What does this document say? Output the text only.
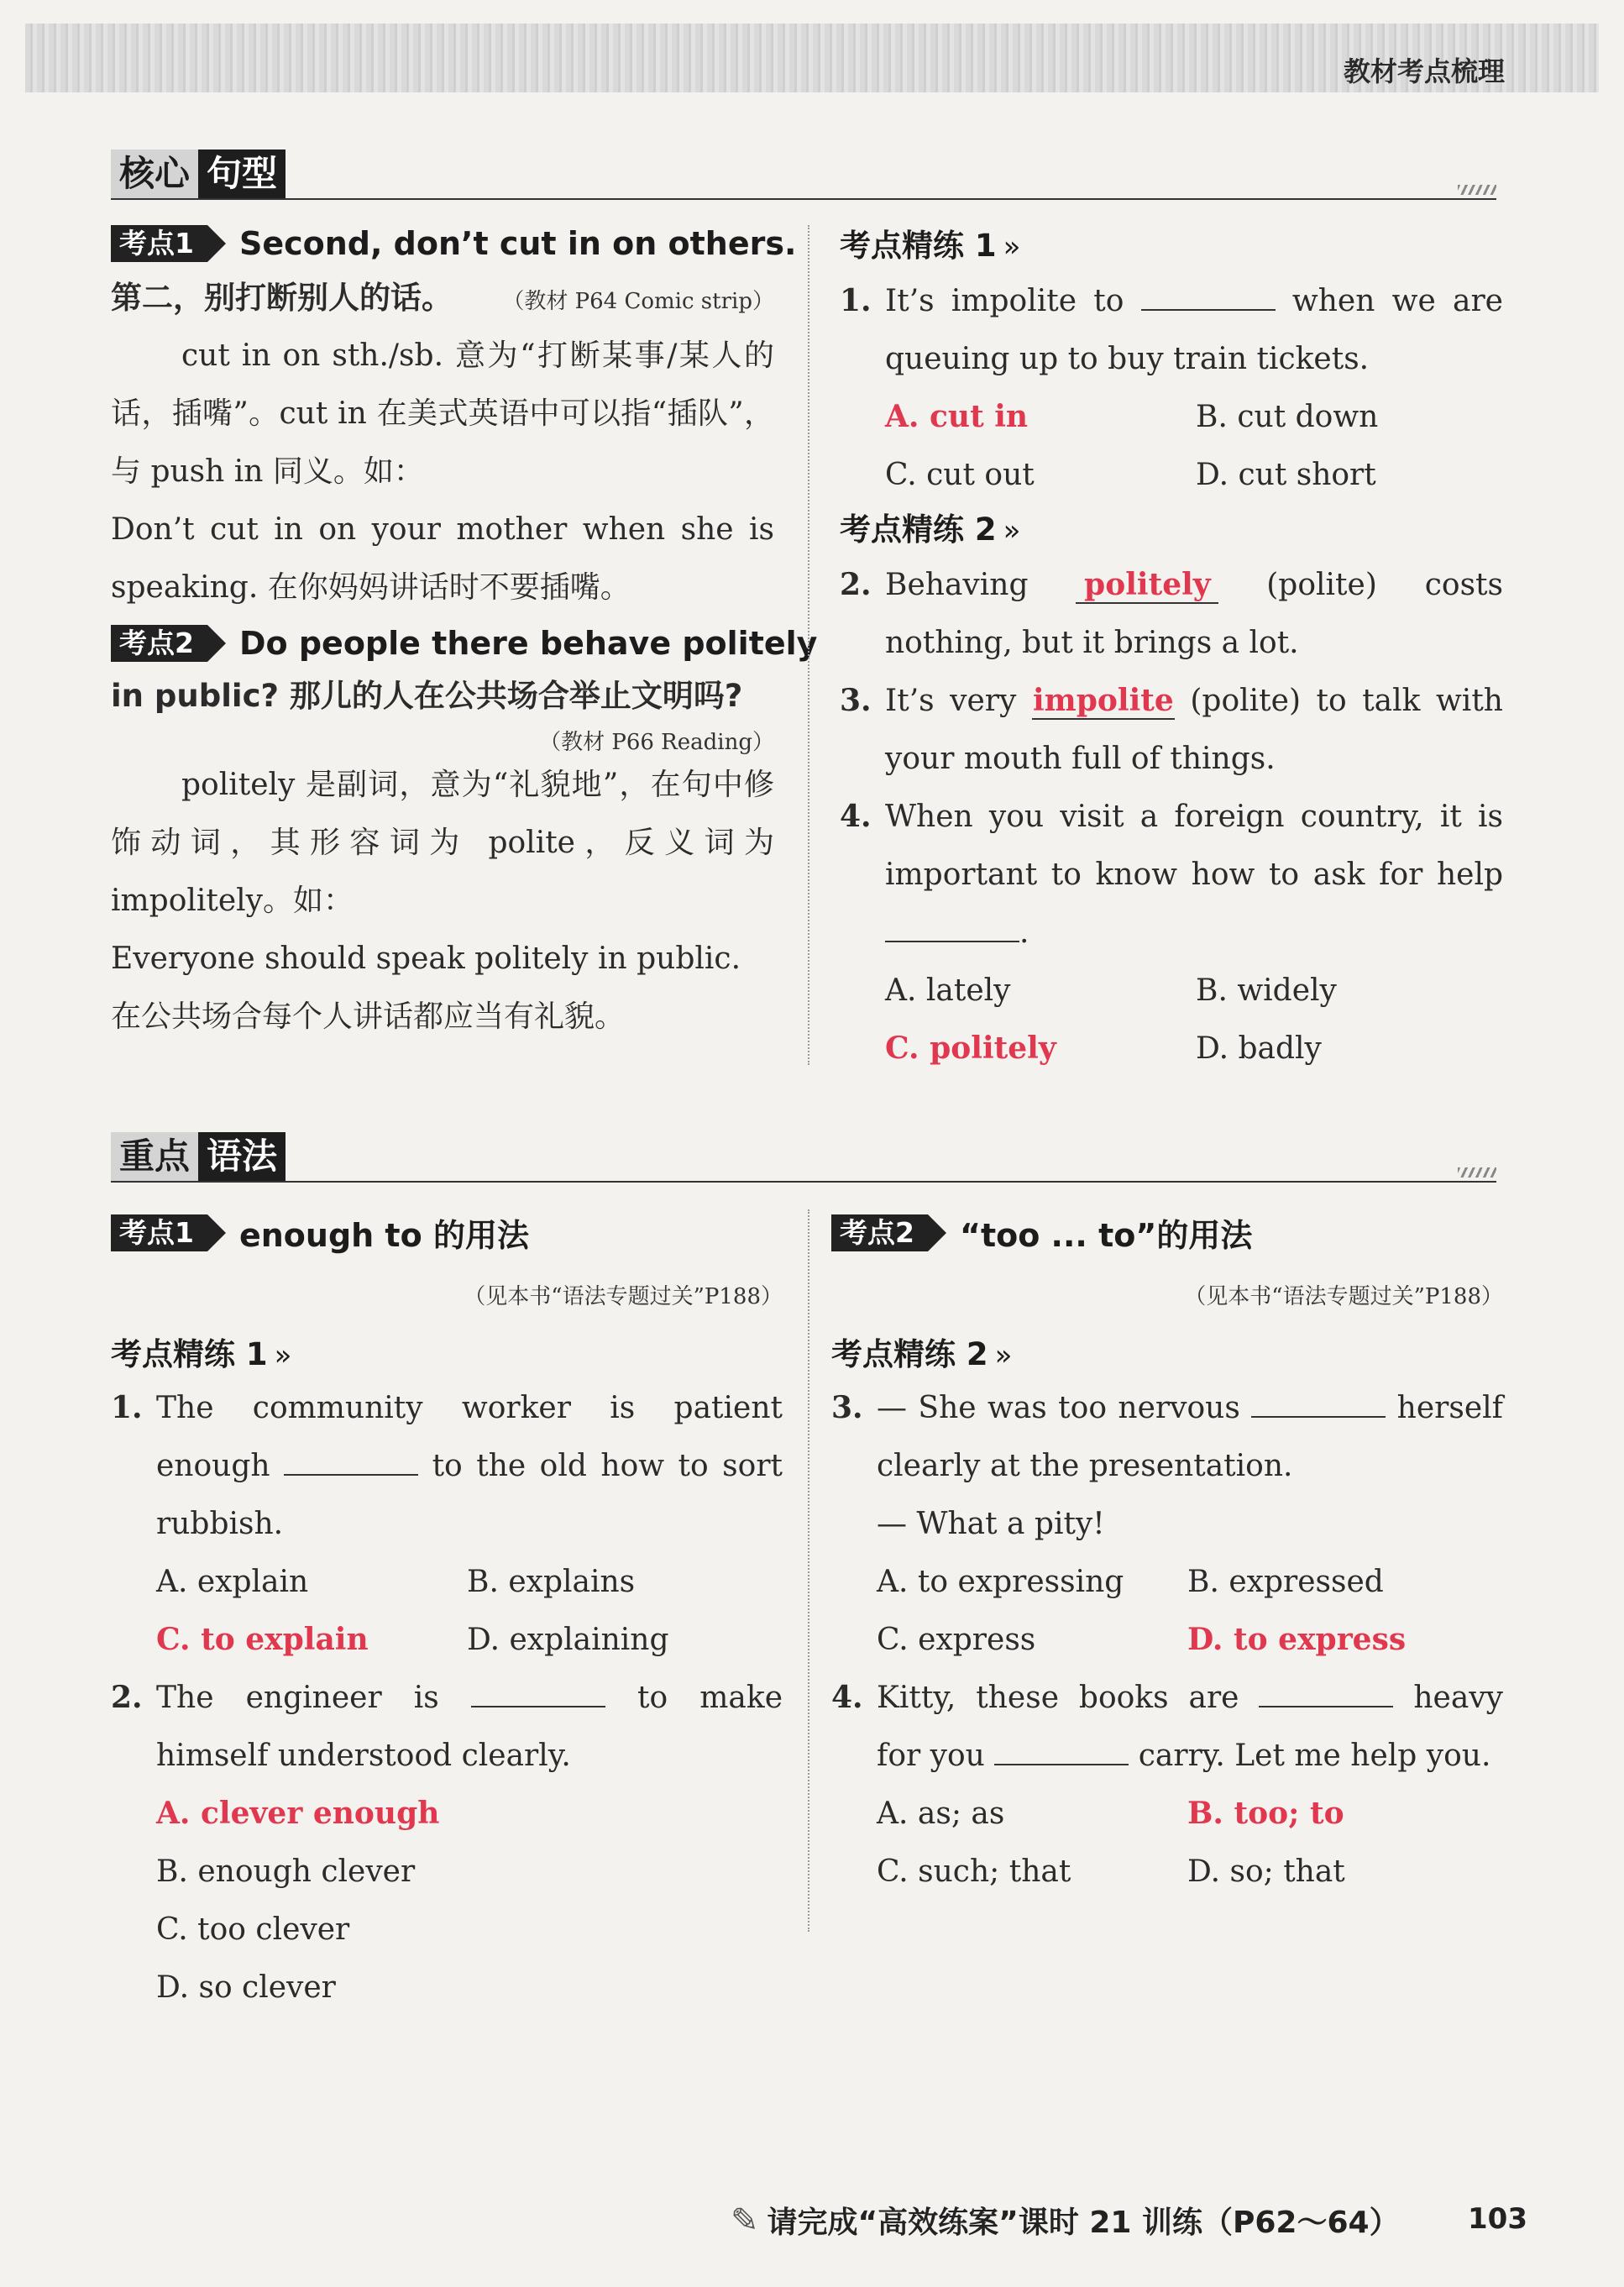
教材考点梳理
核心 句型
考点1	Second, don’t cut in on others.
第二，别打断别人的话。 （教材 P64 Comic strip）
cut in on sth./sb. 意为“打断某事/某人的话，插嘴”。cut in 在美式英语中可以指“插队”，与 push in 同义。如：
Don’t cut in on your mother when she is speaking. 在你妈妈讲话时不要插嘴。
考点2	Do people there behave politely
in public? 那儿的人在公共场合举止文明吗?
（教材 P66 Reading）
politely 是副词，意为“礼貌地”，在句中修饰动词，其形容词为 polite，反义词为 impolitely。如：
Everyone should speak politely in public.
在公共场合每个人讲话都应当有礼貌。
考点精练 1 »
1. It’s impolite to	when we are queuing up to buy train tickets.
A. cut in	B. cut down
C. cut out	D. cut short
考点精练 2 »
2. Behaving politely (polite) costs nothing, but it brings a lot.
3. It’s very impolite (polite) to talk with your mouth full of things.
4. When you visit a foreign country, it is important to know how to ask for help .
A. lately	B. widely
C. politely	D. badly
重点 语法
考点1	enough to 的用法
（见本书“语法专题过关”P188）
考点精练 1 »
1. The community worker is patient enough	to the old how to sort rubbish.
A. explain	B. explains
C. to explain	D. explaining
2. The engineer is	to make himself understood clearly.
A. clever enough
B. enough clever
C. too clever
D. so clever
考点2	“too ... to”的用法
（见本书“语法专题过关”P188）
考点精练 2 »
3. — She was too nervous	herself clearly at the presentation.
— What a pity!
A. to expressing	B. expressed
C. express	D. to express
4. Kitty, these books are	heavy for you	carry. Let me help you.
A. as; as	B. too; to
C. such; that	D. so; that
✎ 请完成“高效练案”课时 21 训练（P62～64） 103
